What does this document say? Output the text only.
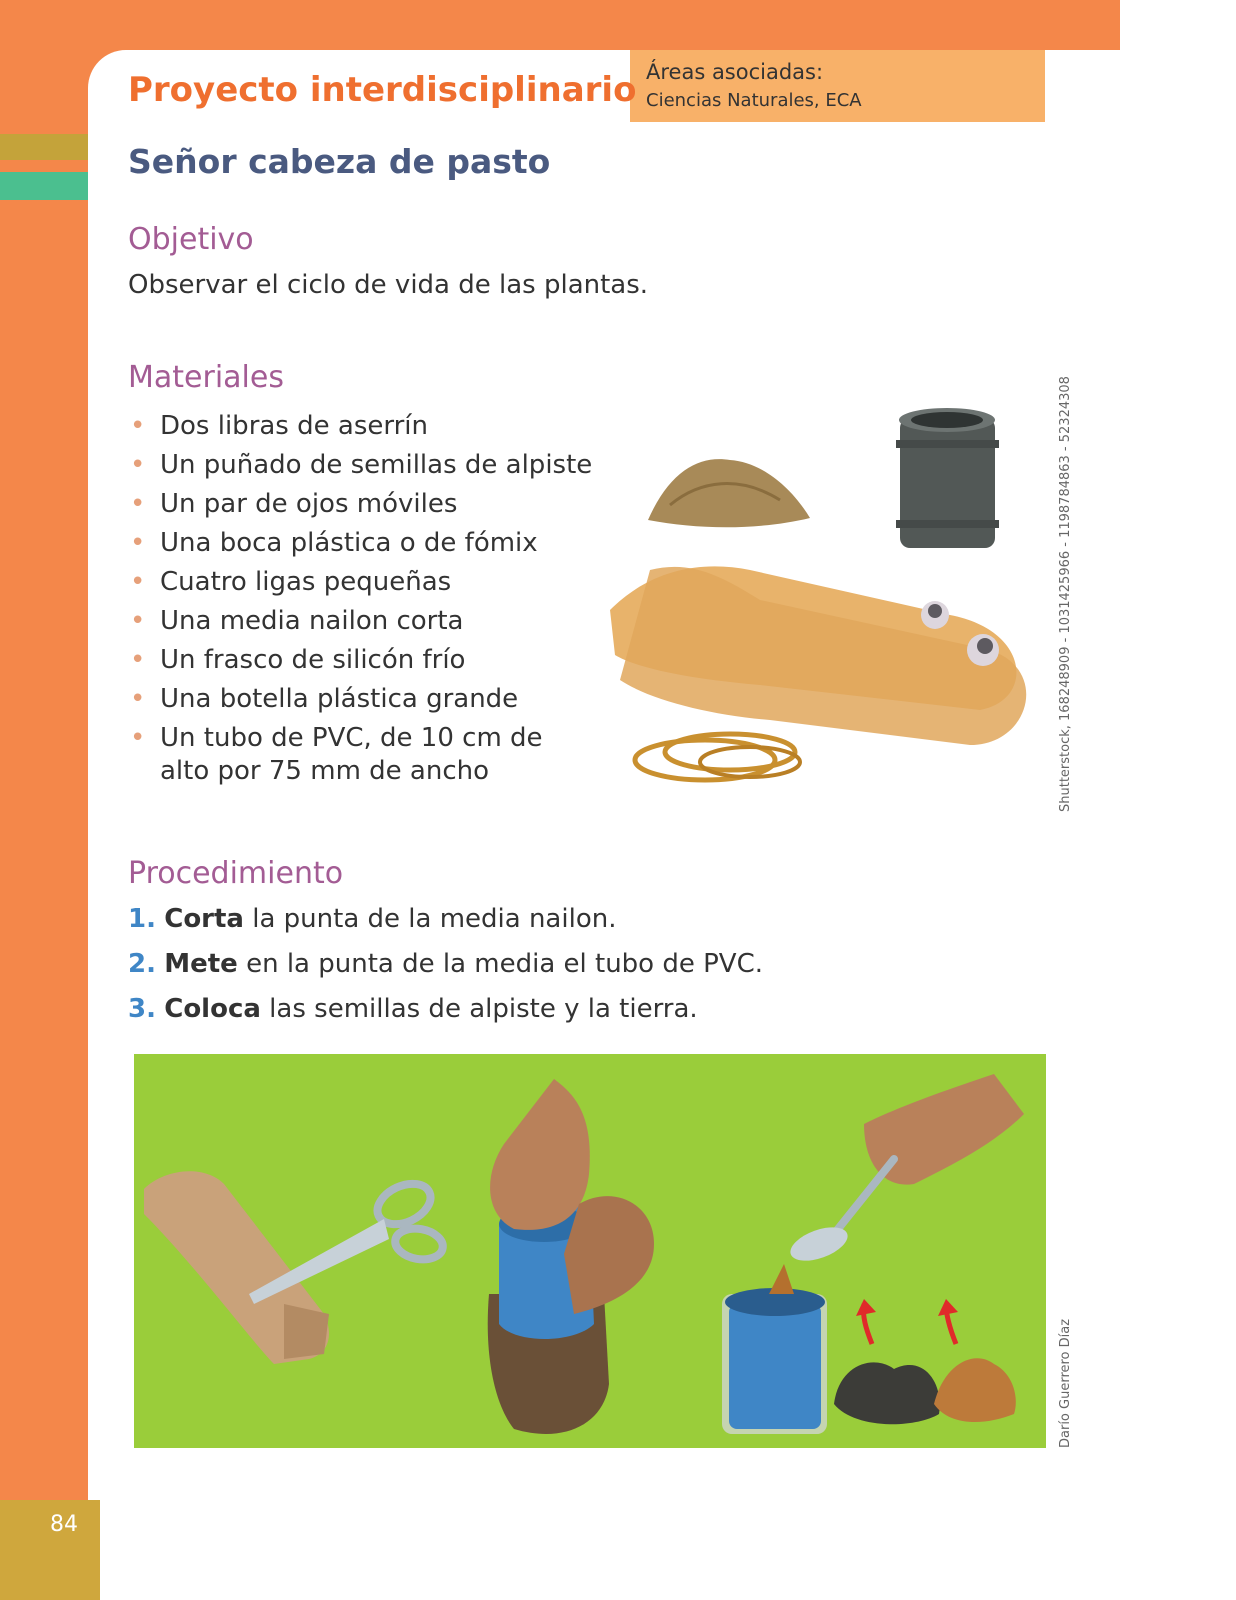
Proyecto interdisciplinario Áreas asociadas:
Ciencias Naturales, ECA
Señor cabeza de pasto
Objetivo
Observar el ciclo de vida de las plantas.
Materiales
• Dos libras de aserrín
• Un puñado de semillas de alpiste
• Un par de ojos móviles
• Una boca plástica o de fómix
• Cuatro ligas pequeñas
• Una media nailon corta
• Un frasco de silicón frío
• Una botella plástica grande
• Un tubo de PVC, de 10 cm de alto por 75 mm de ancho
Procedimiento
1. Corta la punta de la media nailon.
2. Mete en la punta de la media el tubo de PVC.
3. Coloca las semillas de alpiste y la tierra.
Shutterstock, 168248909 - 1031425966 - 1198784863 - 52324308
Darío Guerrero Díaz
84
